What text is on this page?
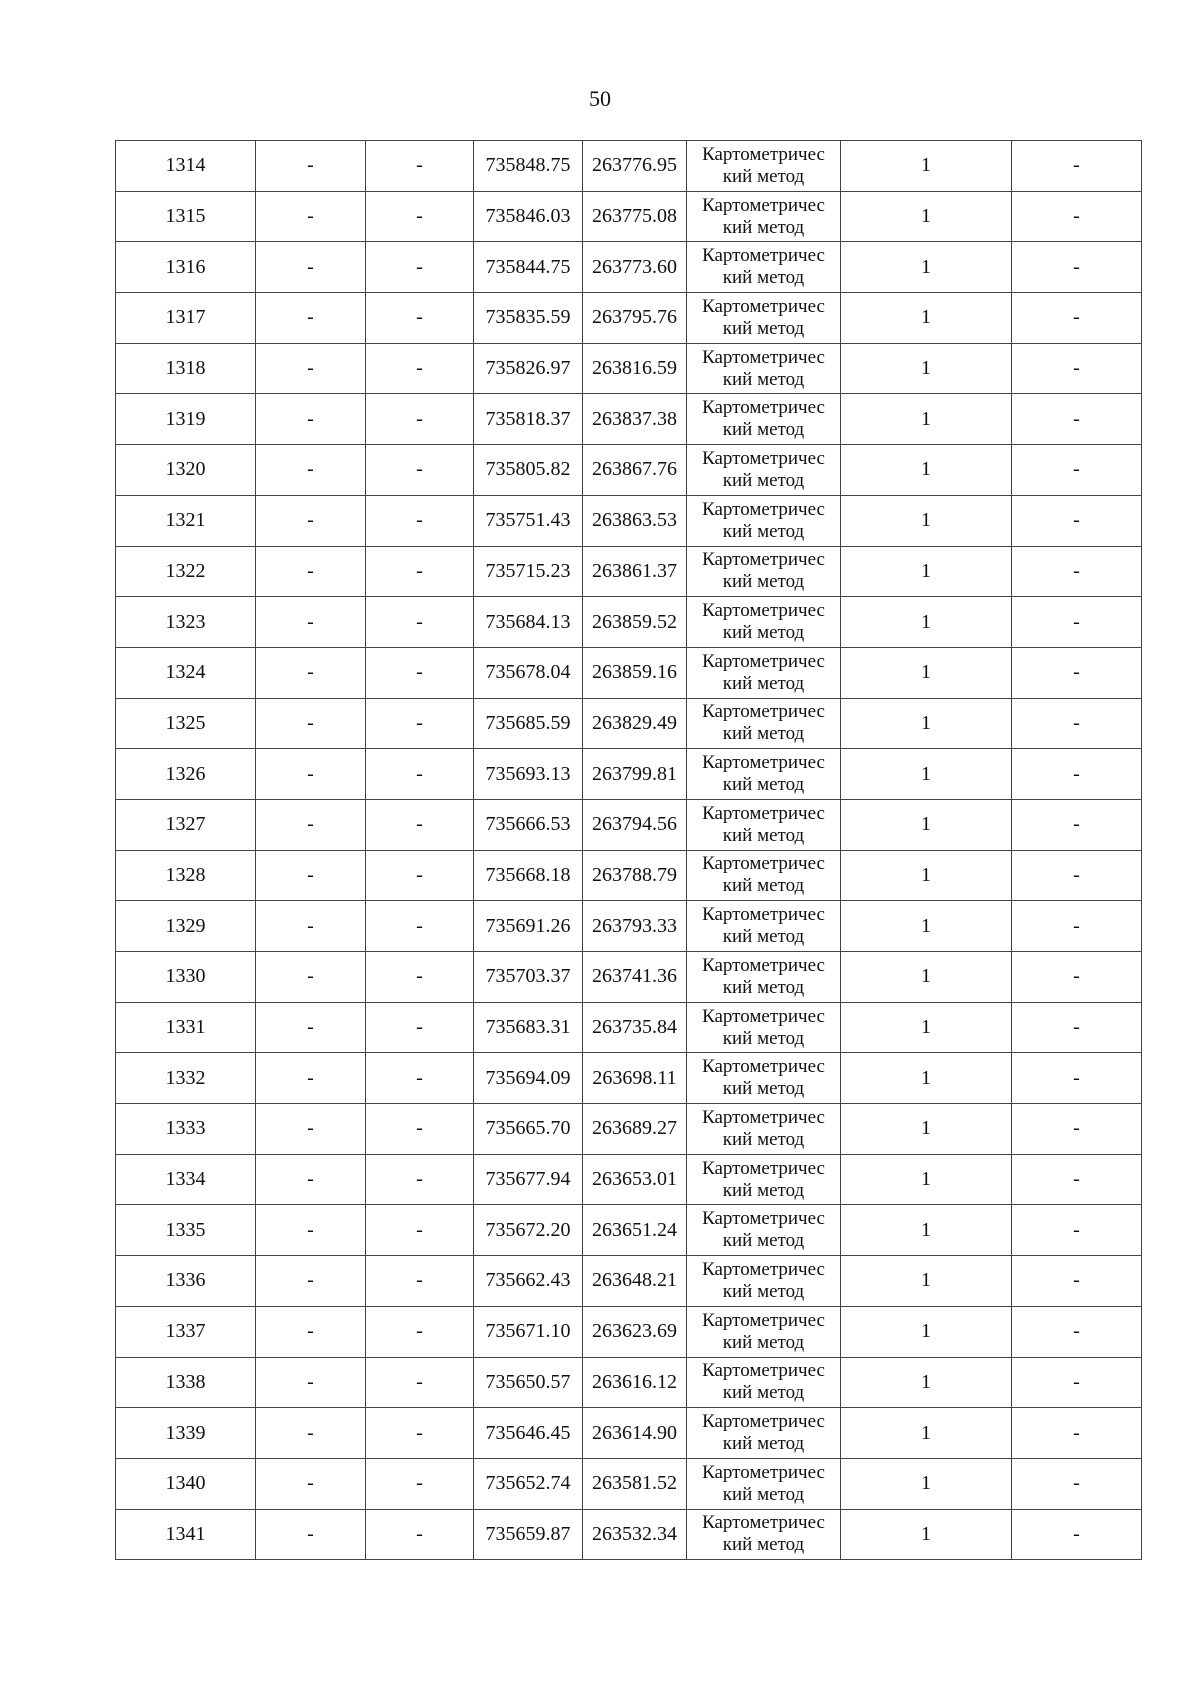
50
1314	-	-	735848.75	263776.95	Картометричес
кий метод	1	-
1315	-	-	735846.03	263775.08	Картометричес
кий метод	1	-
1316	-	-	735844.75	263773.60	Картометричес
кий метод	1	-
1317	-	-	735835.59	263795.76	Картометричес
кий метод	1	-
1318	-	-	735826.97	263816.59	Картометричес
кий метод	1	-
1319	-	-	735818.37	263837.38	Картометричес
кий метод	1	-
1320	-	-	735805.82	263867.76	Картометричес
кий метод	1	-
1321	-	-	735751.43	263863.53	Картометричес
кий метод	1	-
1322	-	-	735715.23	263861.37	Картометричес
кий метод	1	-
1323	-	-	735684.13	263859.52	Картометричес
кий метод	1	-
1324	-	-	735678.04	263859.16	Картометричес
кий метод	1	-
1325	-	-	735685.59	263829.49	Картометричес
кий метод	1	-
1326	-	-	735693.13	263799.81	Картометричес
кий метод	1	-
1327	-	-	735666.53	263794.56	Картометричес
кий метод	1	-
1328	-	-	735668.18	263788.79	Картометричес
кий метод	1	-
1329	-	-	735691.26	263793.33	Картометричес
кий метод	1	-
1330	-	-	735703.37	263741.36	Картометричес
кий метод	1	-
1331	-	-	735683.31	263735.84	Картометричес
кий метод	1	-
1332	-	-	735694.09	263698.11	Картометричес
кий метод	1	-
1333	-	-	735665.70	263689.27	Картометричес
кий метод	1	-
1334	-	-	735677.94	263653.01	Картометричес
кий метод	1	-
1335	-	-	735672.20	263651.24	Картометричес
кий метод	1	-
1336	-	-	735662.43	263648.21	Картометричес
кий метод	1	-
1337	-	-	735671.10	263623.69	Картометричес
кий метод	1	-
1338	-	-	735650.57	263616.12	Картометричес
кий метод	1	-
1339	-	-	735646.45	263614.90	Картометричес
кий метод	1	-
1340	-	-	735652.74	263581.52	Картометричес
кий метод	1	-
1341	-	-	735659.87	263532.34	Картометричес
кий метод	1	-
